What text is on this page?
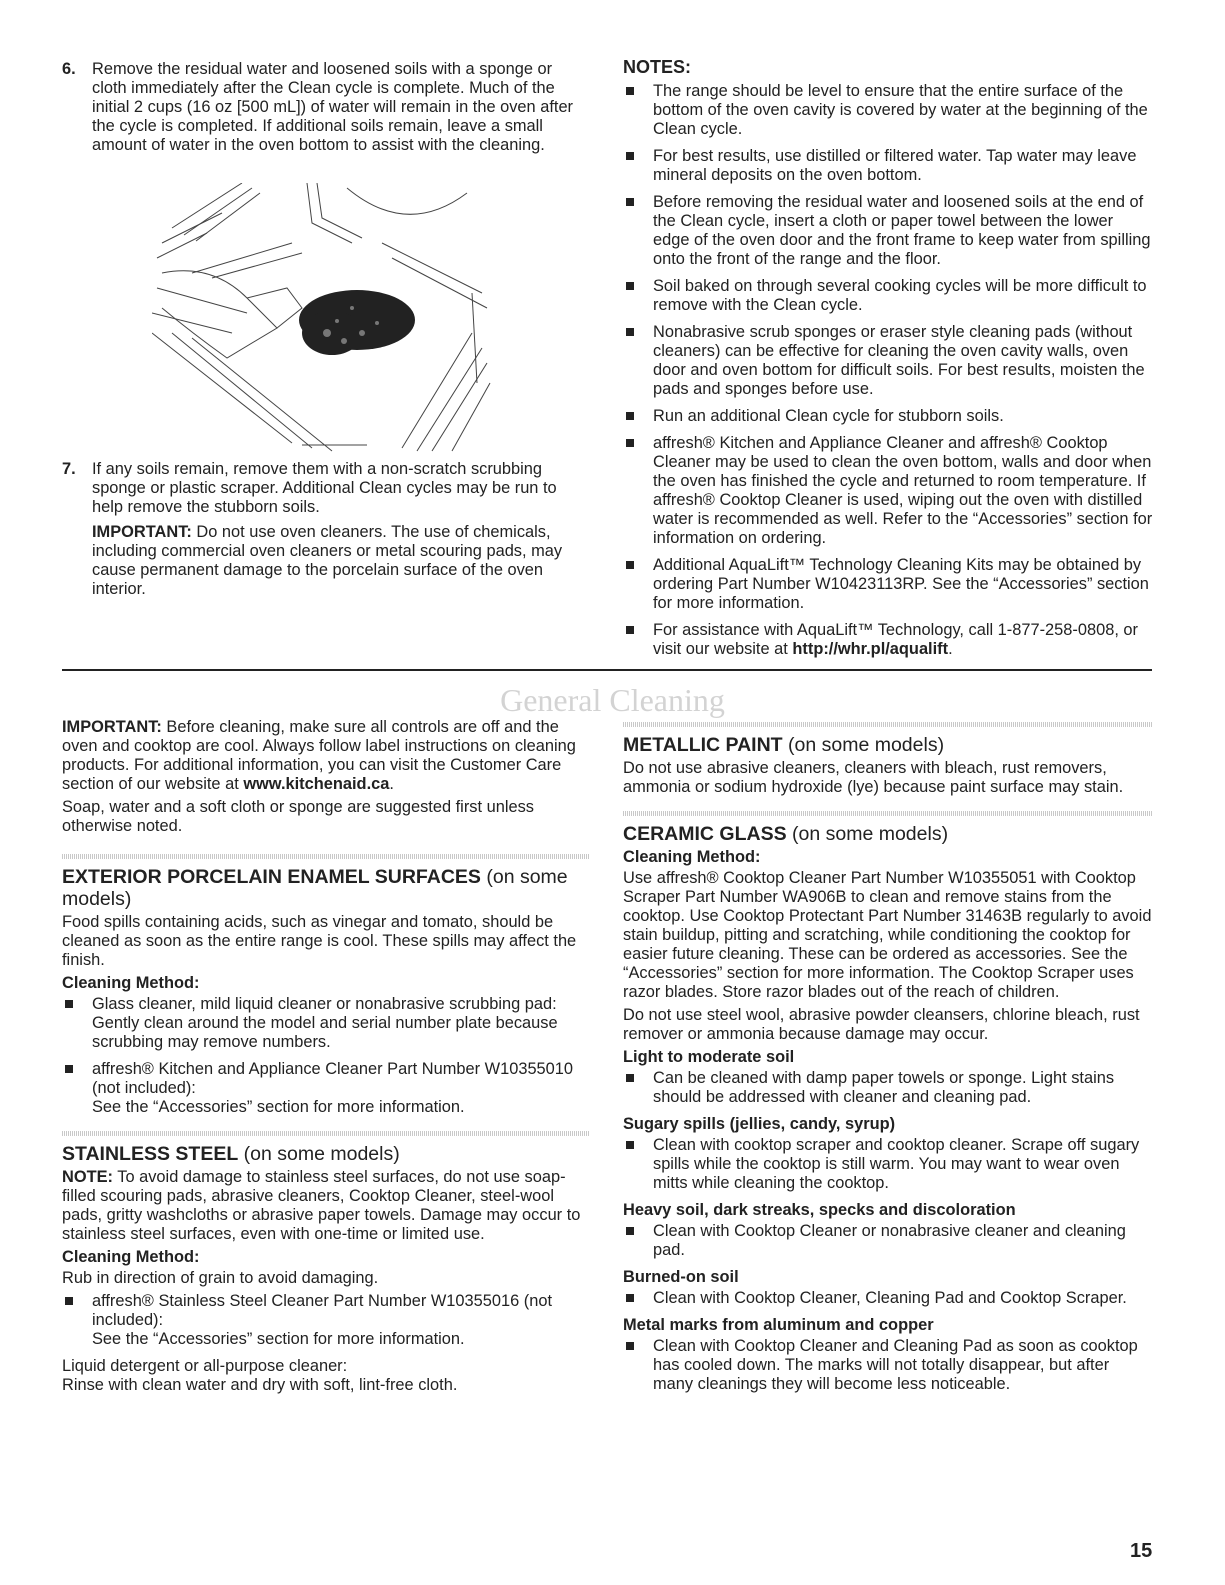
6. Remove the residual water and loosened soils with a sponge or cloth immediately after the Clean cycle is complete. Much of the initial 2 cups (16 oz [500 mL]) of water will remain in the oven after the cycle is completed. If additional soils remain, leave a small amount of water in the oven bottom to assist with the cleaning.
7. If any soils remain, remove them with a non-scratch scrubbing sponge or plastic scraper. Additional Clean cycles may be run to help remove the stubborn soils.

IMPORTANT: Do not use oven cleaners. The use of chemicals, including commercial oven cleaners or metal scouring pads, may cause permanent damage to the porcelain surface of the oven interior.

NOTES:
The range should be level to ensure that the entire surface of the bottom of the oven cavity is covered by water at the beginning of the Clean cycle.
For best results, use distilled or filtered water. Tap water may leave mineral deposits on the oven bottom.
Before removing the residual water and loosened soils at the end of the Clean cycle, insert a cloth or paper towel between the lower edge of the oven door and the front frame to keep water from spilling onto the front of the range and the floor.
Soil baked on through several cooking cycles will be more difficult to remove with the Clean cycle.
Nonabrasive scrub sponges or eraser style cleaning pads (without cleaners) can be effective for cleaning the oven cavity walls, oven door and oven bottom for difficult soils. For best results, moisten the pads and sponges before use.
Run an additional Clean cycle for stubborn soils.
affresh® Kitchen and Appliance Cleaner and affresh® Cooktop Cleaner may be used to clean the oven bottom, walls and door when the oven has finished the cycle and returned to room temperature. If affresh® Cooktop Cleaner is used, wiping out the oven with distilled water is recommended as well. Refer to the “Accessories” section for information on ordering.
Additional AquaLift™ Technology Cleaning Kits may be obtained by ordering Part Number W10423113RP. See the “Accessories” section for more information.
For assistance with AquaLift™ Technology, call 1-877-258-0808, or visit our website at http://whr.pl/aqualift.
General Cleaning

IMPORTANT: Before cleaning, make sure all controls are off and the oven and cooktop are cool. Always follow label instructions on cleaning products. For additional information, you can visit the Customer Care section of our website at www.kitchenaid.ca.

Soap, water and a soft cloth or sponge are suggested first unless otherwise noted.

EXTERIOR PORCELAIN ENAMEL SURFACES (on some models)

Food spills containing acids, such as vinegar and tomato, should be cleaned as soon as the entire range is cool. These spills may affect the finish.

Cleaning Method:
Glass cleaner, mild liquid cleaner or nonabrasive scrubbing pad:
Gently clean around the model and serial number plate because scrubbing may remove numbers.
affresh® Kitchen and Appliance Cleaner Part Number W10355010 (not included):
See the “Accessories” section for more information.
STAINLESS STEEL (on some models)

NOTE: To avoid damage to stainless steel surfaces, do not use soap-filled scouring pads, abrasive cleaners, Cooktop Cleaner, steel-wool pads, gritty washcloths or abrasive paper towels. Damage may occur to stainless steel surfaces, even with one-time or limited use.

Cleaning Method:

Rub in direction of grain to avoid damaging.

affresh® Stainless Steel Cleaner Part Number W10355016 (not included):
See the “Accessories” section for more information.
Liquid detergent or all-purpose cleaner:
Rinse with clean water and dry with soft, lint-free cloth.
METALLIC PAINT (on some models)

Do not use abrasive cleaners, cleaners with bleach, rust removers, ammonia or sodium hydroxide (lye) because paint surface may stain.

CERAMIC GLASS (on some models)
Cleaning Method:

Use affresh® Cooktop Cleaner Part Number W10355051 with Cooktop Scraper Part Number WA906B to clean and remove stains from the cooktop. Use Cooktop Protectant Part Number 31463B regularly to avoid stain buildup, pitting and scratching, while conditioning the cooktop for easier future cleaning. These can be ordered as accessories. See the “Accessories” section for more information. The Cooktop Scraper uses razor blades. Store razor blades out of the reach of children.

Do not use steel wool, abrasive powder cleansers, chlorine bleach, rust remover or ammonia because damage may occur.

Light to moderate soil
Can be cleaned with damp paper towels or sponge. Light stains should be addressed with cleaner and cleaning pad.
Sugary spills (jellies, candy, syrup)
Clean with cooktop scraper and cooktop cleaner. Scrape off sugary spills while the cooktop is still warm. You may want to wear oven mitts while cleaning the cooktop.
Heavy soil, dark streaks, specks and discoloration
Clean with Cooktop Cleaner or nonabrasive cleaner and cleaning pad.
Burned-on soil
Clean with Cooktop Cleaner, Cleaning Pad and Cooktop Scraper.
Metal marks from aluminum and copper
Clean with Cooktop Cleaner and Cleaning Pad as soon as cooktop has cooled down. The marks will not totally disappear, but after many cleanings they will become less noticeable.
15
